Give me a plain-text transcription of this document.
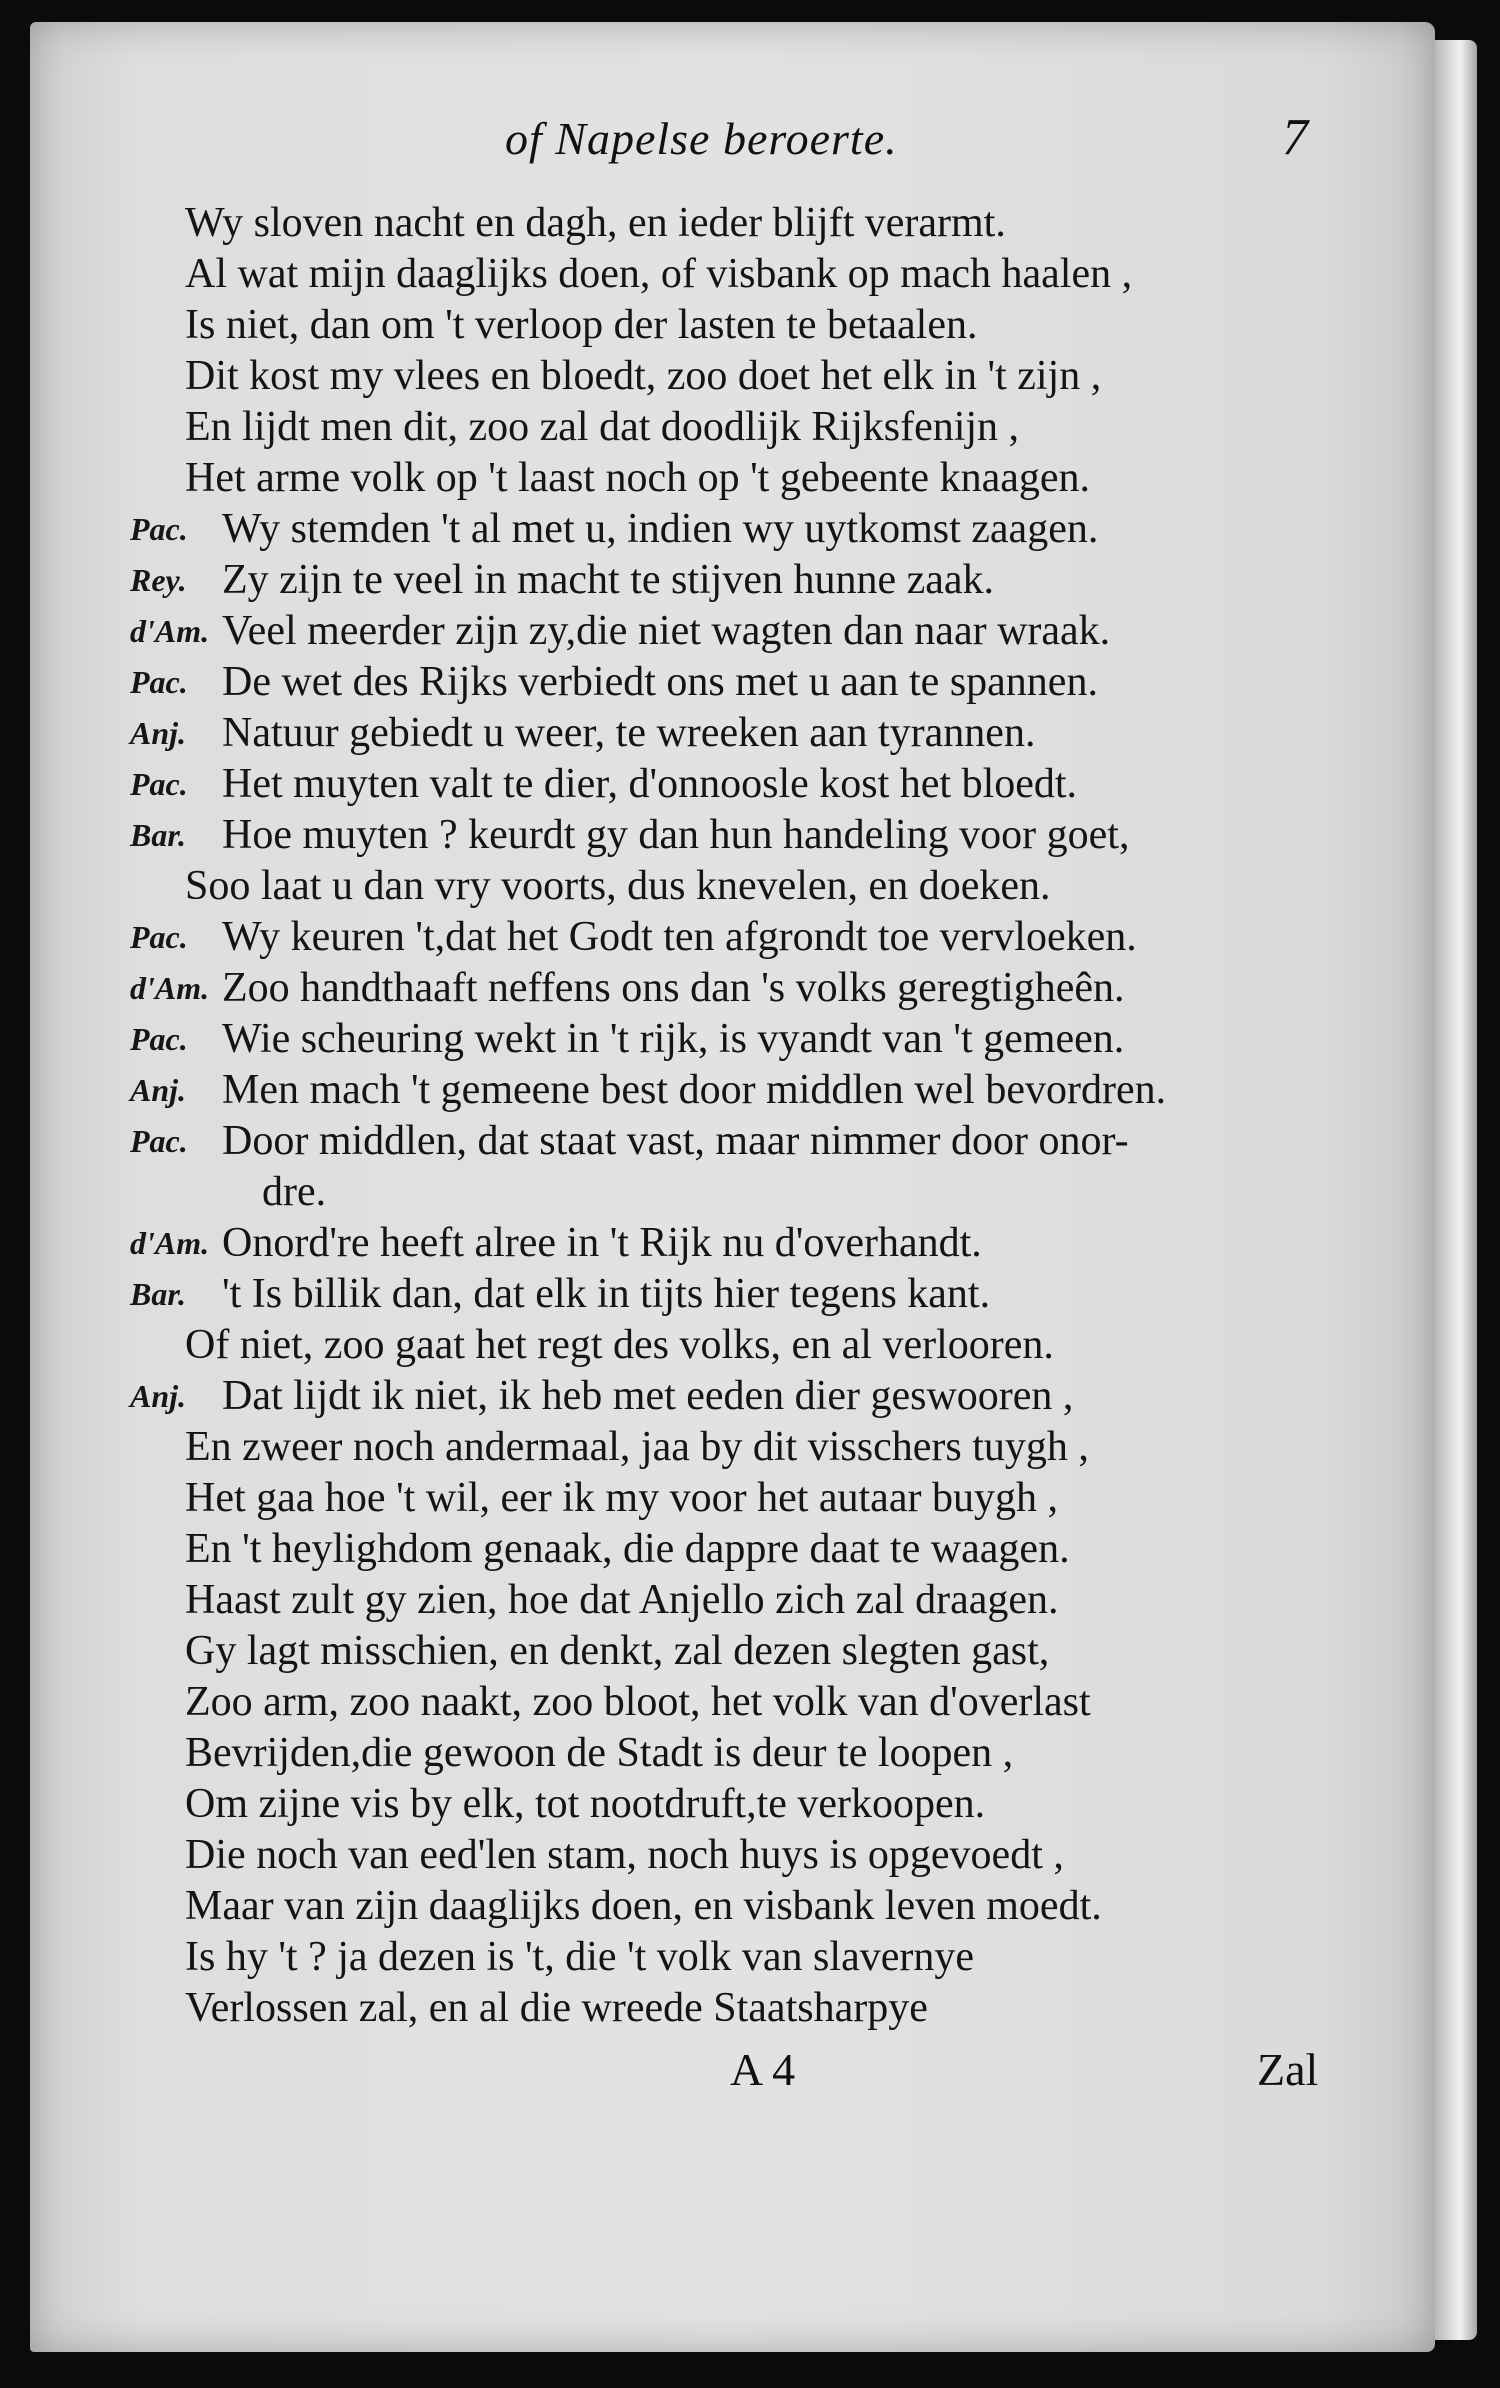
of Napelse beroerte.	7
Wy sloven nacht en dagh, en ieder blijft verarmt.
Al wat mijn daaglijks doen, of visbank op mach haalen ,
Is niet, dan om 't verloop der lasten te betaalen.
Dit kost my vlees en bloedt, zoo doet het elk in 't zijn ,
En lijdt men dit, zoo zal dat doodlijk Rijksfenijn ,
Het arme volk op 't laast noch op 't gebeente knaagen.
Pac. Wy stemden 't al met u, indien wy uytkomst zaagen.
Rey. Zy zijn te veel in macht te stijven hunne zaak.
d'Am. Veel meerder zijn zy,die niet wagten dan naar wraak.
Pac. De wet des Rijks verbiedt ons met u aan te spannen.
Anj. Natuur gebiedt u weer, te wreeken aan tyrannen.
Pac. Het muyten valt te dier, d'onnoosle kost het bloedt.
Bar. Hoe muyten ? keurdt gy dan hun handeling voor goet,
Soo laat u dan vry voorts, dus knevelen, en doeken.
Pac. Wy keuren 't,dat het Godt ten afgrondt toe vervloeken.
d'Am. Zoo handthaaft neffens ons dan 's volks geregtigheên.
Pac. Wie scheuring wekt in 't rijk, is vyandt van 't gemeen.
Anj. Men mach 't gemeene best door middlen wel bevordren.
Pac. Door middlen, dat staat vast, maar nimmer door onor-
dre.
d'Am. Onord're heeft alree in 't Rijk nu d'overhandt.
Bar. 't Is billik dan, dat elk in tijts hier tegens kant.
Of niet, zoo gaat het regt des volks, en al verlooren.
Anj. Dat lijdt ik niet, ik heb met eeden dier geswooren ,
En zweer noch andermaal, jaa by dit visschers tuygh ,
Het gaa hoe 't wil, eer ik my voor het autaar buygh ,
En 't heylighdom genaak, die dappre daat te waagen.
Haast zult gy zien, hoe dat Anjello zich zal draagen.
Gy lagt misschien, en denkt, zal dezen slegten gast,
Zoo arm, zoo naakt, zoo bloot, het volk van d'overlast
Bevrijden,die gewoon de Stadt is deur te loopen ,
Om zijne vis by elk, tot nootdruft,te verkoopen.
Die noch van eed'len stam, noch huys is opgevoedt ,
Maar van zijn daaglijks doen, en visbank leven moedt.
Is hy 't ? ja dezen is 't, die 't volk van slavernye
Verlossen zal, en al die wreede Staatsharpye
A 4	Zal
